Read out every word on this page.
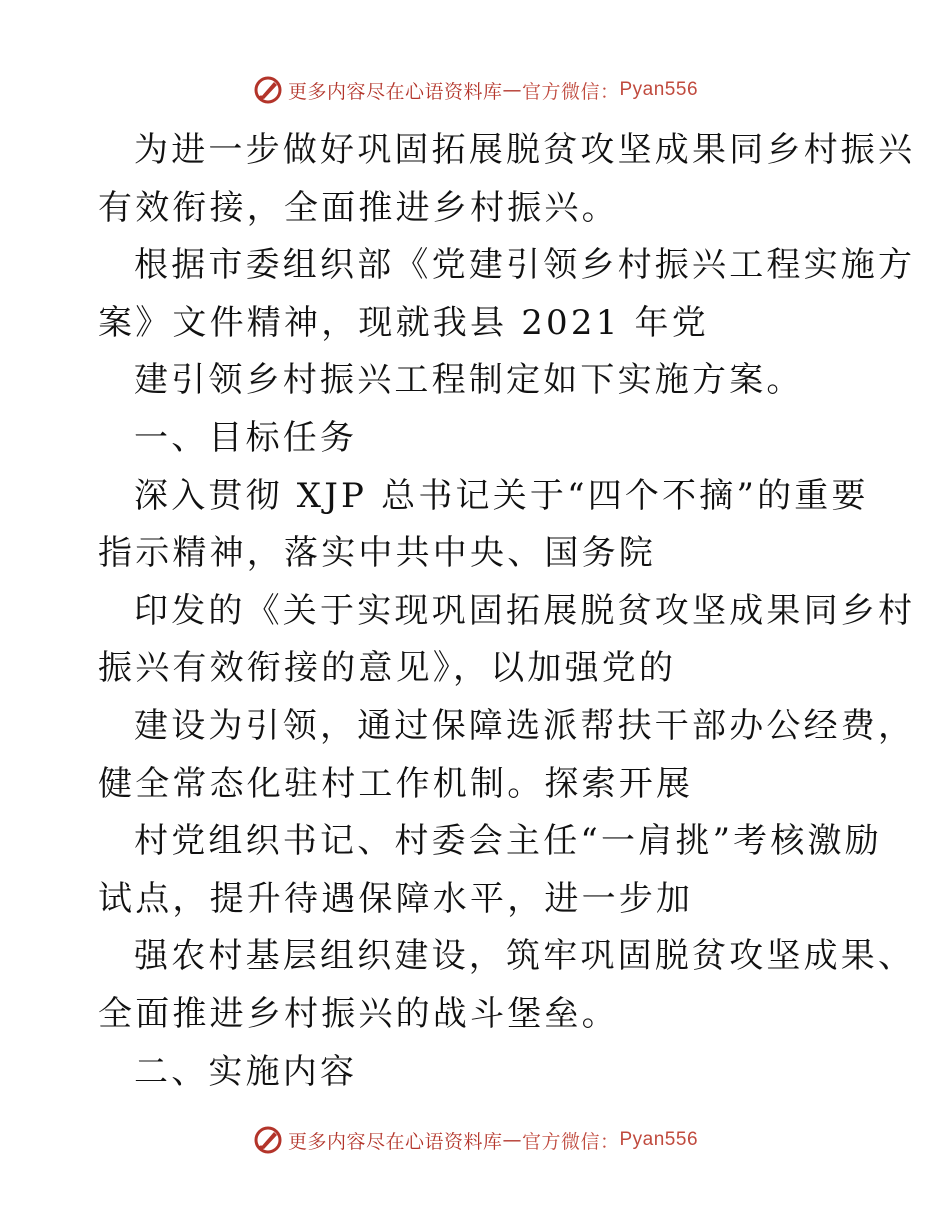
更多内容尽在心语资料库 — 官方微信： Pyan556
为进一步做好巩固拓展脱贫攻坚成果同乡村振兴
有效衔接，全面推进乡村振兴。
根据市委组织部《党建引领乡村振兴工程实施方
案》文件精神，现就我县 2021 年党
建引领乡村振兴工程制定如下实施方案。
一、目标任务
深入贯彻 XJP 总书记关于“四个不摘”的重要
指示精神，落实中共中央、国务院
印发的《关于实现巩固拓展脱贫攻坚成果同乡村
振兴有效衔接的意见》，以加强党的
建设为引领，通过保障选派帮扶干部办公经费，
健全常态化驻村工作机制。探索开展
村党组织书记、村委会主任“一肩挑”考核激励
试点，提升待遇保障水平，进一步加
强农村基层组织建设，筑牢巩固脱贫攻坚成果、
全面推进乡村振兴的战斗堡垒。
二、实施内容
更多内容尽在心语资料库 — 官方微信： Pyan556
